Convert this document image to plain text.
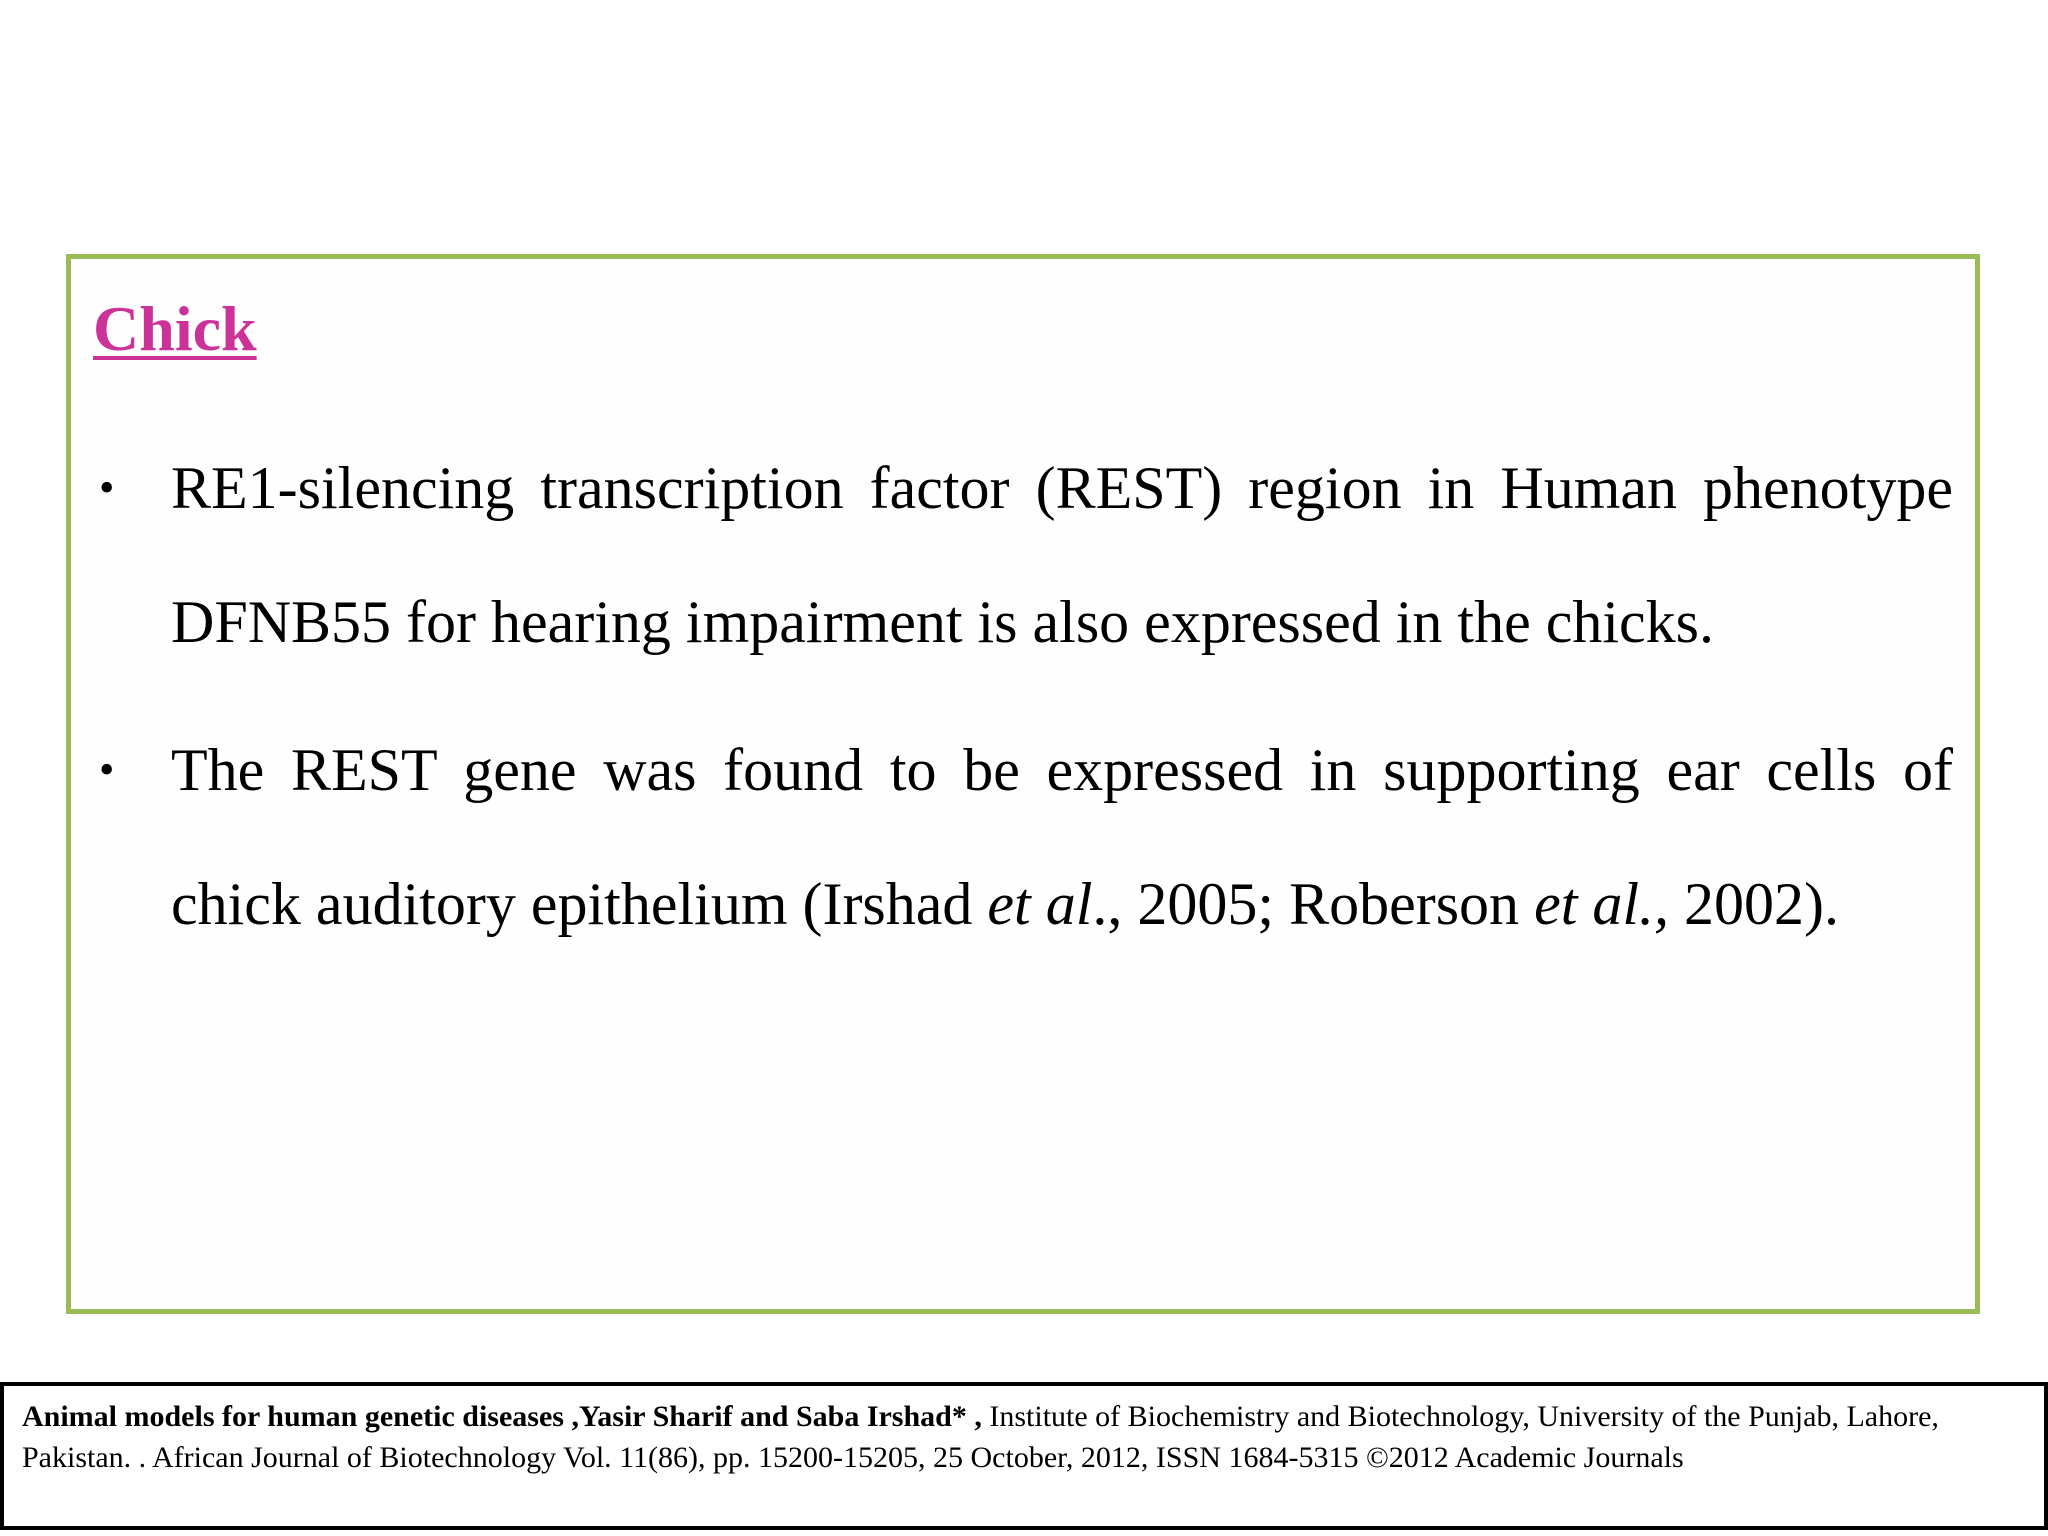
Chick
• RE1-silencing transcription factor (REST) region in Human phenotype DFNB55 for hearing impairment is also expressed in the chicks.
• The REST gene was found to be expressed in supporting ear cells of chick auditory epithelium (Irshad et al., 2005; Roberson et al., 2002).

Animal models for human genetic diseases ,Yasir Sharif and Saba Irshad* , Institute of Biochemistry and Biotechnology, University of the Punjab, Lahore, Pakistan. . African Journal of Biotechnology Vol. 11(86), pp. 15200-15205, 25 October, 2012, ISSN 1684-5315 ©2012 Academic Journals
